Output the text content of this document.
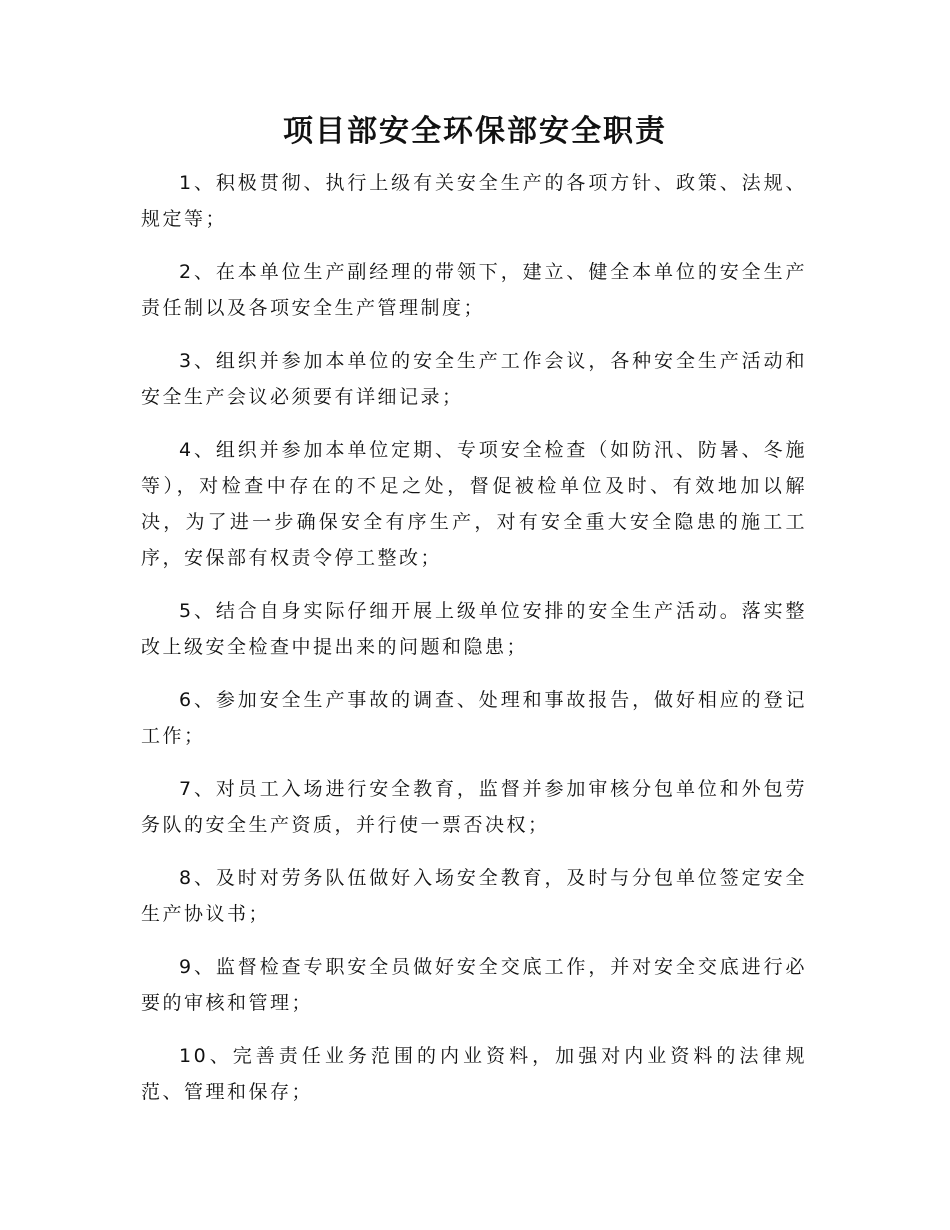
项目部安全环保部安全职责

1、积极贯彻、执行上级有关安全生产的各项方针、政策、法规、规定等；

2、在本单位生产副经理的带领下，建立、健全本单位的安全生产责任制以及各项安全生产管理制度；

3、组织并参加本单位的安全生产工作会议，各种安全生产活动和安全生产会议必须要有详细记录；

4、组织并参加本单位定期、专项安全检查（如防汛、防暑、冬施等），对检查中存在的不足之处，督促被检单位及时、有效地加以解决，为了进一步确保安全有序生产，对有安全重大安全隐患的施工工序，安保部有权责令停工整改；

5、结合自身实际仔细开展上级单位安排的安全生产活动。落实整改上级安全检查中提出来的问题和隐患；

6、参加安全生产事故的调查、处理和事故报告，做好相应的登记工作；

7、对员工入场进行安全教育，监督并参加审核分包单位和外包劳务队的安全生产资质，并行使一票否决权；

8、及时对劳务队伍做好入场安全教育，及时与分包单位签定安全生产协议书；

9、监督检查专职安全员做好安全交底工作，并对安全交底进行必要的审核和管理；

10、完善责任业务范围的内业资料，加强对内业资料的法律规范、管理和保存；
